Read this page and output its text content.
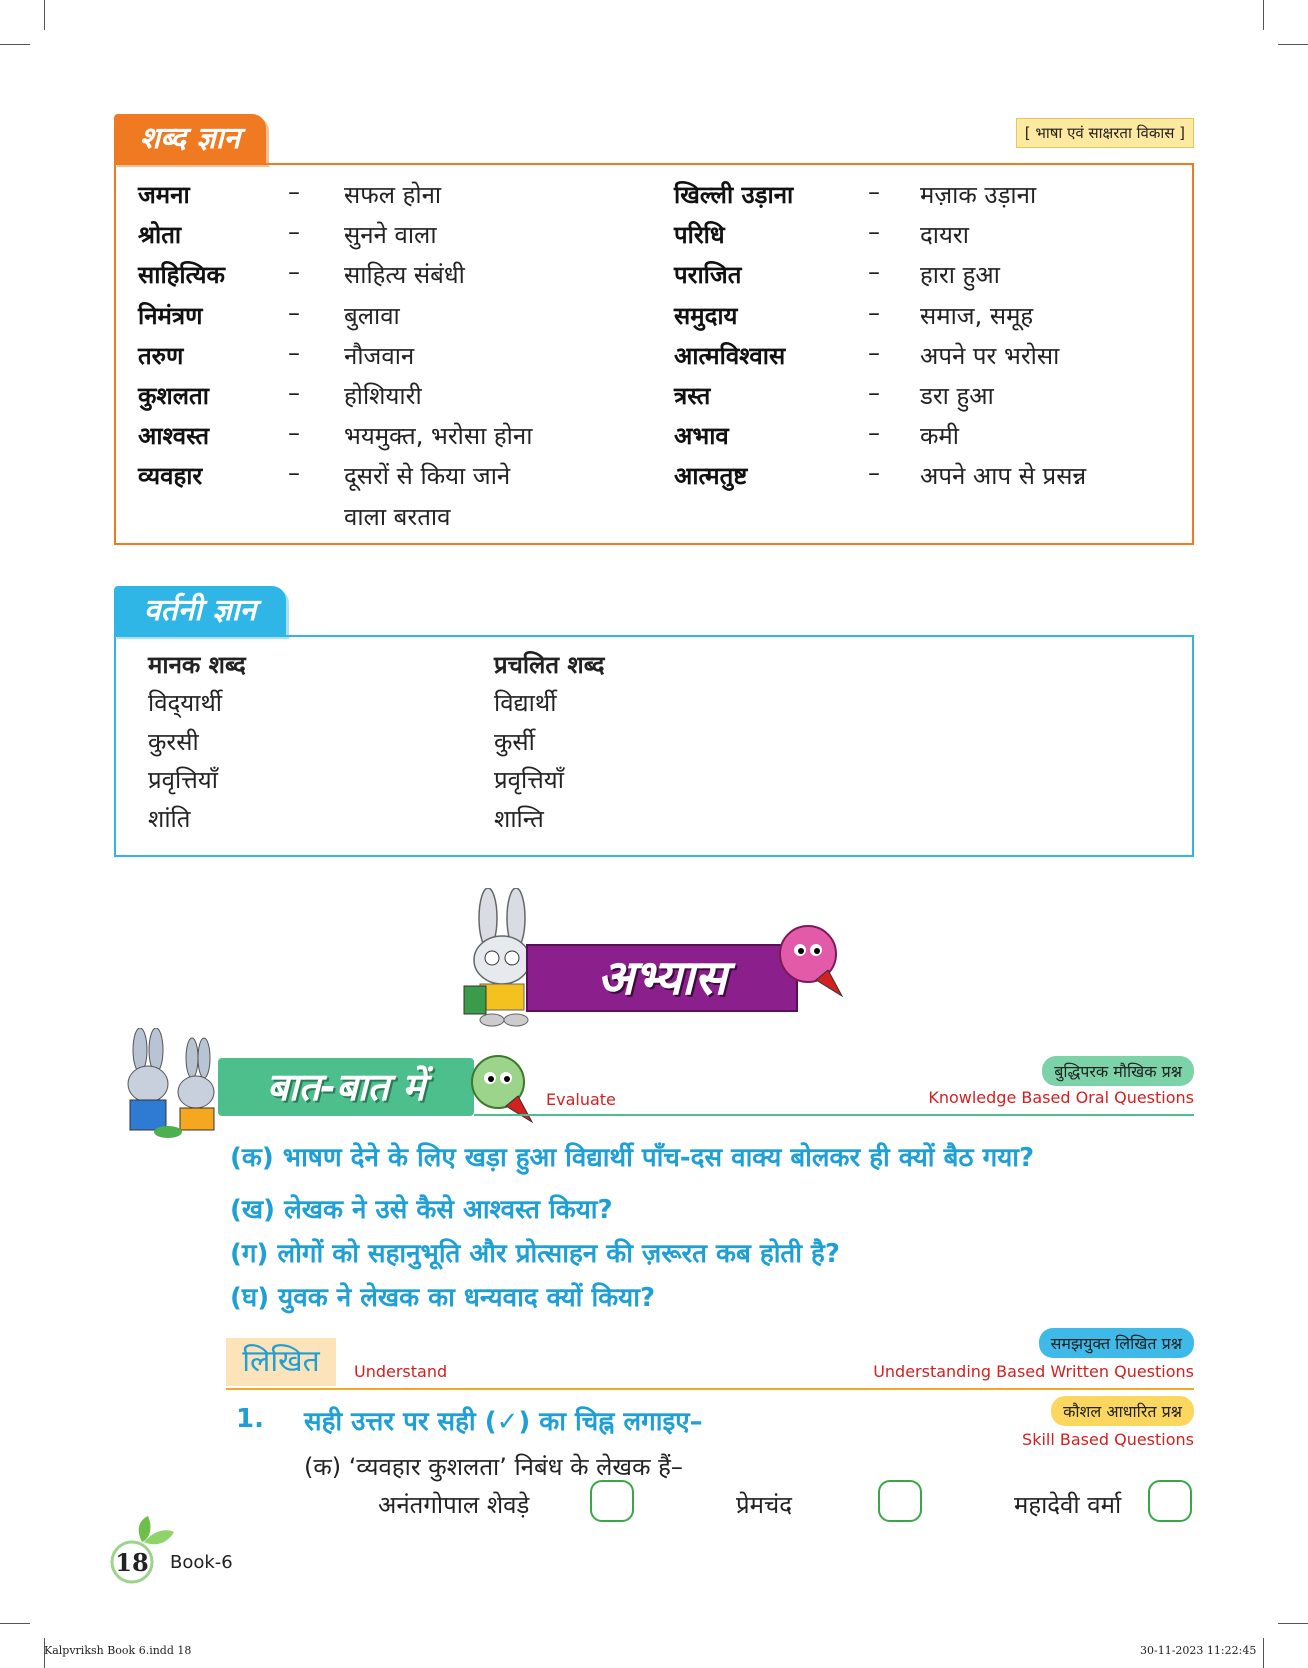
[ भाषा एवं साक्षरता विकास ]
शब्द ज्ञान
जमना	– सफल होना
श्रोता	– सुनने वाला
साहित्यिक	– साहित्य संबंधी
निमंत्रण	– बुलावा
तरुण	– नौजवान
कुशलता	– होशियारी
आश्वस्त	– भयमुक्त, भरोसा होना
व्यवहार	– दूसरों से किया जाने
वाला बरताव
खिल्ली उड़ाना	– मज़ाक उड़ाना
परिधि	– दायरा
पराजित	– हारा हुआ
समुदाय	– समाज, समूह
आत्मविश्वास	– अपने पर भरोसा
त्रस्त	– डरा हुआ
अभाव	– कमी
आत्मतुष्ट	– अपने आप से प्रसन्न
वर्तनी ज्ञान
मानक शब्द	प्रचलित शब्द
विद्‌यार्थी	विद्यार्थी
कुरसी	कुर्सी
प्रवृत्तियाँ	प्रवृत्तियाँ
शांति	शान्ति
अभ्यास
बात-बात में	Evaluate
बुद्धिपरक मौखिक प्रश्न
Knowledge Based Oral Questions
(क) भाषण देने के लिए खड़ा हुआ विद्यार्थी पाँच-दस वाक्य बोलकर ही क्यों बैठ गया?
(ख) लेखक ने उसे कैसे आश्वस्त किया?
(ग) लोगों को सहानुभूति और प्रोत्साहन की ज़रूरत कब होती है?
(घ) युवक ने लेखक का धन्यवाद क्यों किया?
लिखित	Understand
समझयुक्त लिखित प्रश्न
Understanding Based Written Questions
1. सही उत्तर पर सही (✓) का चिह्न लगाइए–	कौशल आधारित प्रश्न
Skill Based Questions
(क) ‘व्यवहार कुशलता’ निबंध के लेखक हैं–
अनंतगोपाल शेवड़े	प्रेमचंद	महादेवी वर्मा
18 Book-6
Kalpvriksh Book 6.indd 18	30-11-2023 11:22:45
